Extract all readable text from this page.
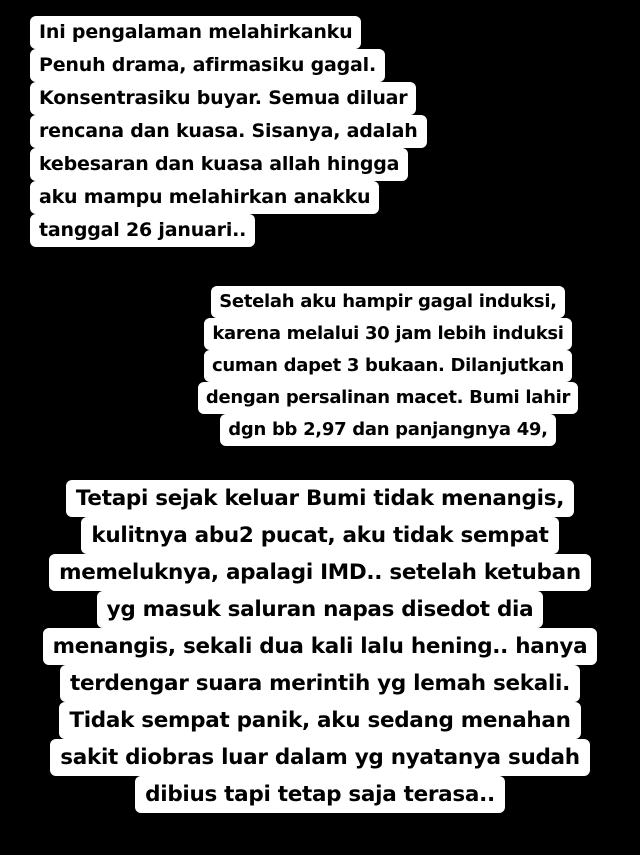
Ini pengalaman melahirkanku
Penuh drama, afirmasiku gagal.
Konsentrasiku buyar. Semua diluar
rencana dan kuasa. Sisanya, adalah
kebesaran dan kuasa allah hingga
aku mampu melahirkan anakku
tanggal 26 januari..
Setelah aku hampir gagal induksi,
karena melalui 30 jam lebih induksi
cuman dapet 3 bukaan. Dilanjutkan
dengan persalinan macet. Bumi lahir
dgn bb 2,97 dan panjangnya 49,
Tetapi sejak keluar Bumi tidak menangis,
kulitnya abu2 pucat, aku tidak sempat
memeluknya, apalagi IMD.. setelah ketuban
yg masuk saluran napas disedot dia
menangis, sekali dua kali lalu hening.. hanya
terdengar suara merintih yg lemah sekali.
Tidak sempat panik, aku sedang menahan
sakit diobras luar dalam yg nyatanya sudah
dibius tapi tetap saja terasa..
